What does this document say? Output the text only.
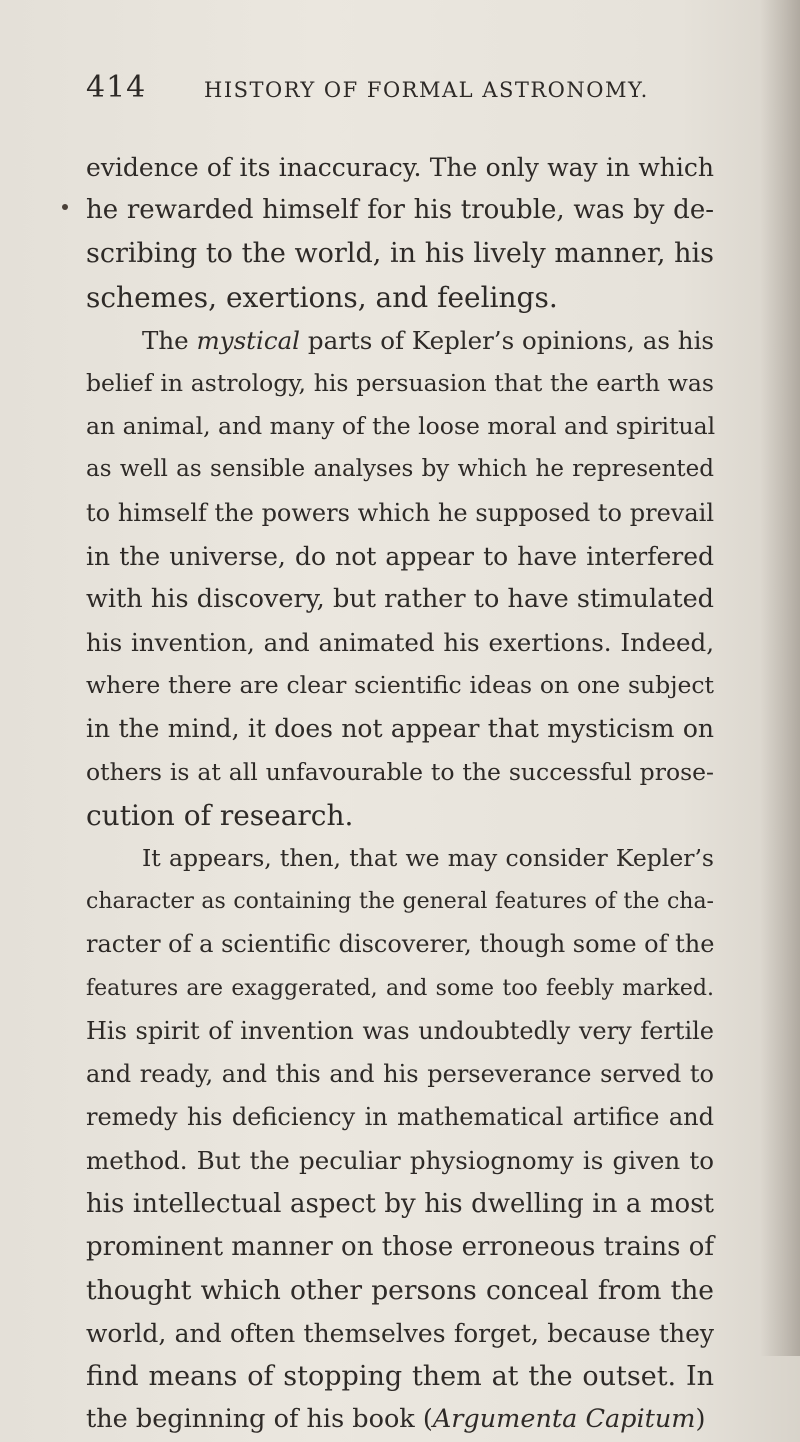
414	HISTORY OF FORMAL ASTRONOMY.
evidence of its inaccuracy. The only way in which
he rewarded himself for his trouble, was by de-
scribing to the world, in his lively manner, his
schemes, exertions, and feelings.
The mystical parts of Kepler’s opinions, as his
belief in astrology, his persuasion that the earth was
an animal, and many of the loose moral and spiritual
as well as sensible analyses by which he represented
to himself the powers which he supposed to prevail
in the universe, do not appear to have interfered
with his discovery, but rather to have stimulated
his invention, and animated his exertions. Indeed,
where there are clear scientific ideas on one subject
in the mind, it does not appear that mysticism on
others is at all unfavourable to the successful prose-
cution of research.
It appears, then, that we may consider Kepler’s
character as containing the general features of the cha-
racter of a scientific discoverer, though some of the
features are exaggerated, and some too feebly marked.
His spirit of invention was undoubtedly very fertile
and ready, and this and his perseverance served to
remedy his deficiency in mathematical artifice and
method. But the peculiar physiognomy is given to
his intellectual aspect by his dwelling in a most
prominent manner on those erroneous trains of
thought which other persons conceal from the
world, and often themselves forget, because they
find means of stopping them at the outset. In
the beginning of his book (Argumenta Capitum)
